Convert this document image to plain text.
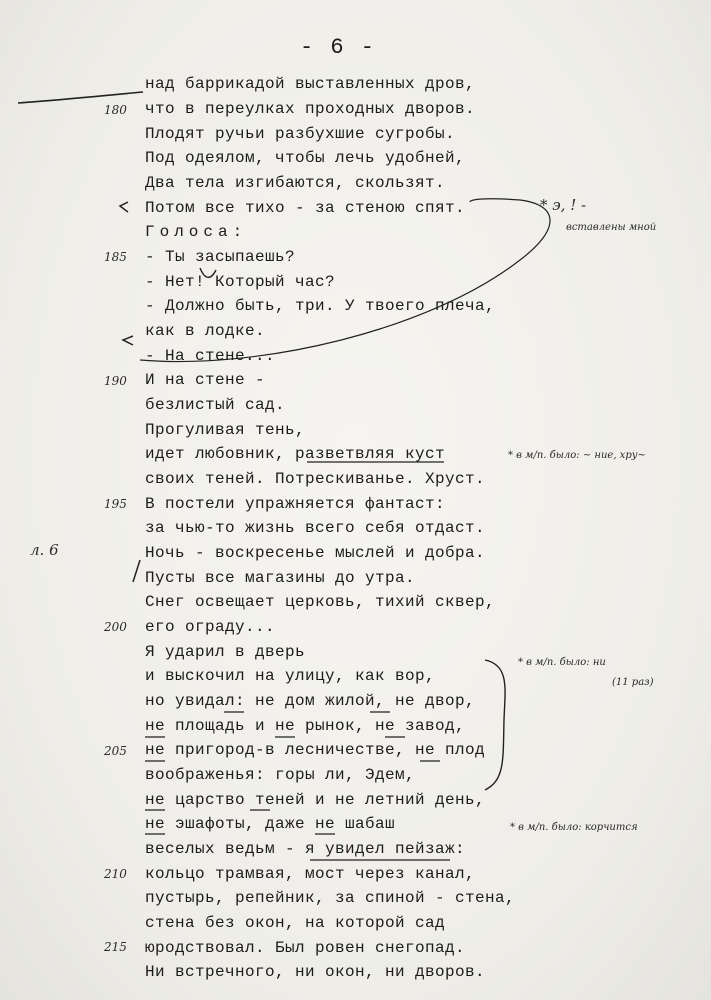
- 6 -
над баррикадой выставленных дров,
что в переулках проходных дворов.
Плодят ручьи разбухшие сугробы.
Под одеялом, чтобы лечь удобней,
Два тела изгибаются, скользят.
Потом все тихо - за стеною спят.
Голоса:
- Ты засыпаешь?
- Нет! Который час?
- Должно быть, три. У твоего плеча,
как в лодке.
- На стене...
И на стене -
безлистый сад.
Прогуливая тень,
идет любовник, разветвляя куст
своих теней. Потрескиванье. Хруст.
В постели упражняется фантаст:
за чью-то жизнь всего себя отдаст.
Ночь - воскресенье мыслей и добра.
Пусты все магазины до утра.
Снег освещает церковь, тихий сквер,
его ограду...
Я ударил в дверь
и выскочил на улицу, как вор,
но увидал: не дом жилой, не двор,
не площадь и не рынок, не завод,
не пригород-в лесничестве, не плод
воображенья: горы ли, Эдем,
не царство теней и не летний день,
не эшафоты, даже не шабаш
веселых ведьм - я увидел пейзаж:
кольцо трамвая, мост через канал,
пустырь, репейник, за спиной - стена,
стена без окон, на которой сад
юродствовал. Был ровен снегопад.
Ни встречного, ни окон, ни дворов.
180
185
190
195
200
205
210
215
л. 6
* э, ! -
вставлены мной
* в м/п. было: ~ ние, хру~
* в м/п. было: ни
(11 раз)
* в м/п. было: корчится
